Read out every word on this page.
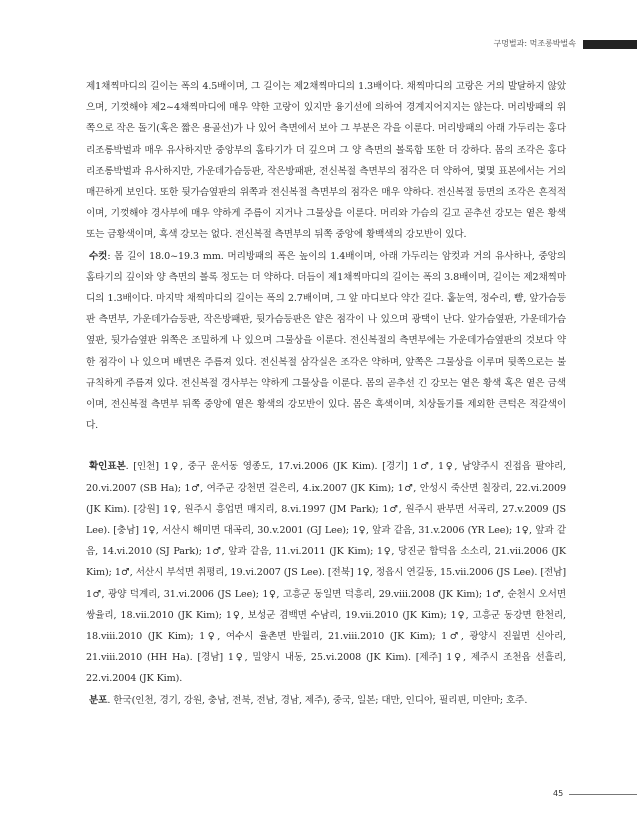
구멍벌과: 먹조롱박벌속

제1채찍마디의 길이는 폭의 4.5배이며, 그 길이는 제2채찍마디의 1.3배이다. 채찍마디의 고랑은 거의 발달하지 않았으며, 기껏해야 제2~4채찍마디에 매우 약한 고랑이 있지만 융기선에 의하여 경계지어지지는 않는다. 머리방패의 위쪽으로 작은 돌기(혹은 짧은 용골선)가 나 있어 측면에서 보아 그 부분은 각을 이룬다. 머리방패의 아래 가두리는 홍다리조롱박벌과 매우 유사하지만 중앙부의 홈타기가 더 깊으며 그 양 측면의 볼록함 또한 더 강하다. 몸의 조각은 홍다리조롱박벌과 유사하지만, 가운데가슴등판, 작은방패판, 전신복절 측면부의 점각은 더 약하여, 몇몇 표본에서는 거의 매끈하게 보인다. 또한 뒷가슴옆판의 위쪽과 전신복절 측면부의 점각은 매우 약하다. 전신복절 등면의 조각은 흔적적이며, 기껏해야 경사부에 매우 약하게 주름이 지거나 그물상을 이룬다. 머리와 가슴의 길고 곧추선 강모는 옅은 황색 또는 금황색이며, 흑색 강모는 없다. 전신복절 측면부의 뒤쪽 중앙에 황백색의 강모반이 있다.

수컷: 몸 길이 18.0~19.3 mm. 머리방패의 폭은 높이의 1.4배이며, 아래 가두리는 암컷과 거의 유사하나, 중앙의 홈타기의 깊이와 양 측면의 볼록 정도는 더 약하다. 더듬이 제1채찍마디의 길이는 폭의 3.8배이며, 길이는 제2채찍마디의 1.3배이다. 마지막 채찍마디의 길이는 폭의 2.7배이며, 그 앞 마디보다 약간 길다. 홑눈역, 정수리, 뺨, 앞가슴등판 측면부, 가운데가슴등판, 작은방패판, 뒷가슴등판은 얕은 점각이 나 있으며 광택이 난다. 앞가슴옆판, 가운데가슴옆판, 뒷가슴옆판 위쪽은 조밀하게 나 있으며 그물상을 이룬다. 전신복절의 측면부에는 가운데가슴옆판의 것보다 약한 점각이 나 있으며 배면은 주름져 있다. 전신복절 삼각실은 조각은 약하며, 앞쪽은 그물상을 이루며 뒷쪽으로는 불규칙하게 주름져 있다. 전신복절 경사부는 약하게 그물상을 이룬다. 몸의 곧추선 긴 강모는 옅은 황색 혹은 옅은 금색이며, 전신복절 측면부 뒤쪽 중앙에 옅은 황색의 강모반이 있다. 몸은 흑색이며, 치상돌기를 제외한 큰턱은 적갈색이다.

확인표본. [인천] 1♀, 중구 운서동 영종도, 17.vi.2006 (JK Kim). [경기] 1♂, 1♀, 남양주시 진접읍 팔야리, 20.vi.2007 (SB Ha); 1♂, 여주군 강천면 걸은리, 4.ix.2007 (JK Kim); 1♂, 안성시 죽산면 칠장리, 22.vi.2009 (JK Kim). [강원] 1♀, 원주시 흥업면 매지리, 8.vi.1997 (JM Park); 1♂, 원주시 판부면 서곡리, 27.v.2009 (JS Lee). [충남] 1♀, 서산시 해미면 대곡리, 30.v.2001 (GJ Lee); 1♀, 앞과 같음, 31.v.2006 (YR Lee); 1♀, 앞과 같음, 14.vi.2010 (SJ Park); 1♂, 앞과 같음, 11.vi.2011 (JK Kim); 1♀, 당진군 합덕읍 소소리, 21.vii.2006 (JK Kim); 1♂, 서산시 부석면 취평리, 19.vi.2007 (JS Lee). [전북] 1♀, 정읍시 연길동, 15.vii.2006 (JS Lee). [전남] 1♂, 광양 덕계리, 31.vi.2006 (JS Lee); 1♀, 고흥군 동일면 덕흥리, 29.viii.2008 (JK Kim); 1♂, 순천시 오서면 쌍율리, 18.vii.2010 (JK Kim); 1♀, 보성군 겸백면 수남리, 19.vii.2010 (JK Kim); 1♀, 고흥군 동강면 한천리, 18.viii.2010 (JK Kim); 1♀, 여수시 율촌면 반월리, 21.viii.2010 (JK Kim); 1♂, 광양시 진월면 신아리, 21.viii.2010 (HH Ha). [경남] 1♀, 밀양시 내동, 25.vi.2008 (JK Kim). [제주] 1♀, 제주시 조천읍 선흘리, 22.vi.2004 (JK Kim).

분포. 한국(인천, 경기, 강원, 충남, 전북, 전남, 경남, 제주), 중국, 일본; 대만, 인디아, 필리핀, 미얀마; 호주.

45
